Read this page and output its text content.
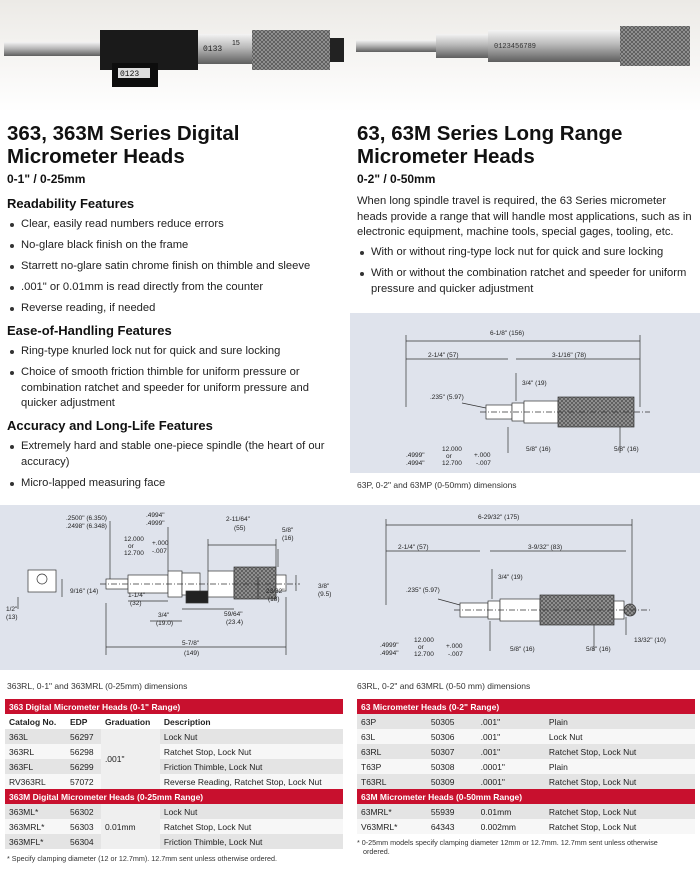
0123
0133
15	0123456789
363, 363M Series Digital
Micrometer Heads
0-1" / 0-25mm
Readability Features
Clear, easily read numbers reduce errors
No-glare black finish on the frame
Starrett no-glare satin chrome finish on thimble and sleeve
.001" or 0.01mm is read directly from the counter
Reverse reading, if needed
Ease-of-Handling Features
Ring-type knurled lock nut for quick and sure locking
Choice of smooth friction thimble for uniform pressure or combination ratchet and speeder for uniform pressure and quicker adjustment
Accuracy and Long-Life Features
Extremely hard and stable one-piece spindle (the heart of our accuracy)
Micro-lapped measuring face
63, 63M Series Long Range
Micrometer Heads
0-2" / 0-50mm
When long spindle travel is required, the 63 Series micrometer heads provide a range that will handle most applications, such as in electronic equipment, machine tools, special gages, tooling, etc.
With or without ring-type lock nut for quick and sure locking
With or without the combination ratchet and speeder for uniform pressure and quicker adjustment
.2500" (6.350)
.2498" (6.348)
.4994"
.4999"
12.000
or
12.700
+.000
-.007
2-11/64"
(55)	5/8"
(16)
9/16" (14)
1/2"
(13)
1-1/4"
(32)
3/4"
(19.0)
59/64"
(23.4)
23/32"
(18)
3/8"
(9.5)
5-7/8"
(149)
363RL, 0-1" and 363MRL (0-25mm) dimensions
6-1/8" (156)
2-1/4" (57)	3-1/16" (78)
3/4" (19)
.235" (5.97)
5/8" (16)	5/8" (16)
.4999"
.4994"
12.000
or
12.700
+.000
-.007
63P, 0-2" and 63MP (0-50mm) dimensions
6-29/32" (175)
2-1/4" (57)	3-9/32" (83)
3/4" (19)
.235" (5.97)
5/8" (16)	5/8" (16)
13/32" (10)
.4999"
.4994"
12.000
or
12.700
+.000
-.007
63RL, 0-2" and 63MRL (0-50 mm) dimensions
363 Digital Micrometer Heads (0-1" Range)			
Catalog No.	EDP	Graduation	Description
363L	56297	.001"	Lock Nut
363RL	56298		Ratchet Stop, Lock Nut
363FL	56299		Friction Thimble, Lock Nut
RV363RL	57072		Reverse Reading, Ratchet Stop, Lock Nut
363M Digital Micrometer Heads (0-25mm Range)			
363ML*	56302	0.01mm	Lock Nut
363MRL*	56303		Ratchet Stop, Lock Nut
363MFL*	56304		Friction Thimble, Lock Nut
* Specify clamping diameter (12 or 12.7mm). 12.7mm sent unless otherwise ordered.
63 Micrometer Heads (0-2" Range)			
63P	50305	.001"	Plain
63L	50306	.001"	Lock Nut
63RL	50307	.001"	Ratchet Stop, Lock Nut
T63P	50308	.0001"	Plain
T63RL	50309	.0001"	Ratchet Stop, Lock Nut
63M Micrometer Heads (0-50mm Range)			
63MRL*	55939	0.01mm	Ratchet Stop, Lock Nut
V63MRL*	64343	0.002mm	Ratchet Stop, Lock Nut
* 0-25mm models specify clamping diameter 12mm or 12.7mm. 12.7mm sent unless otherwise
ordered.
